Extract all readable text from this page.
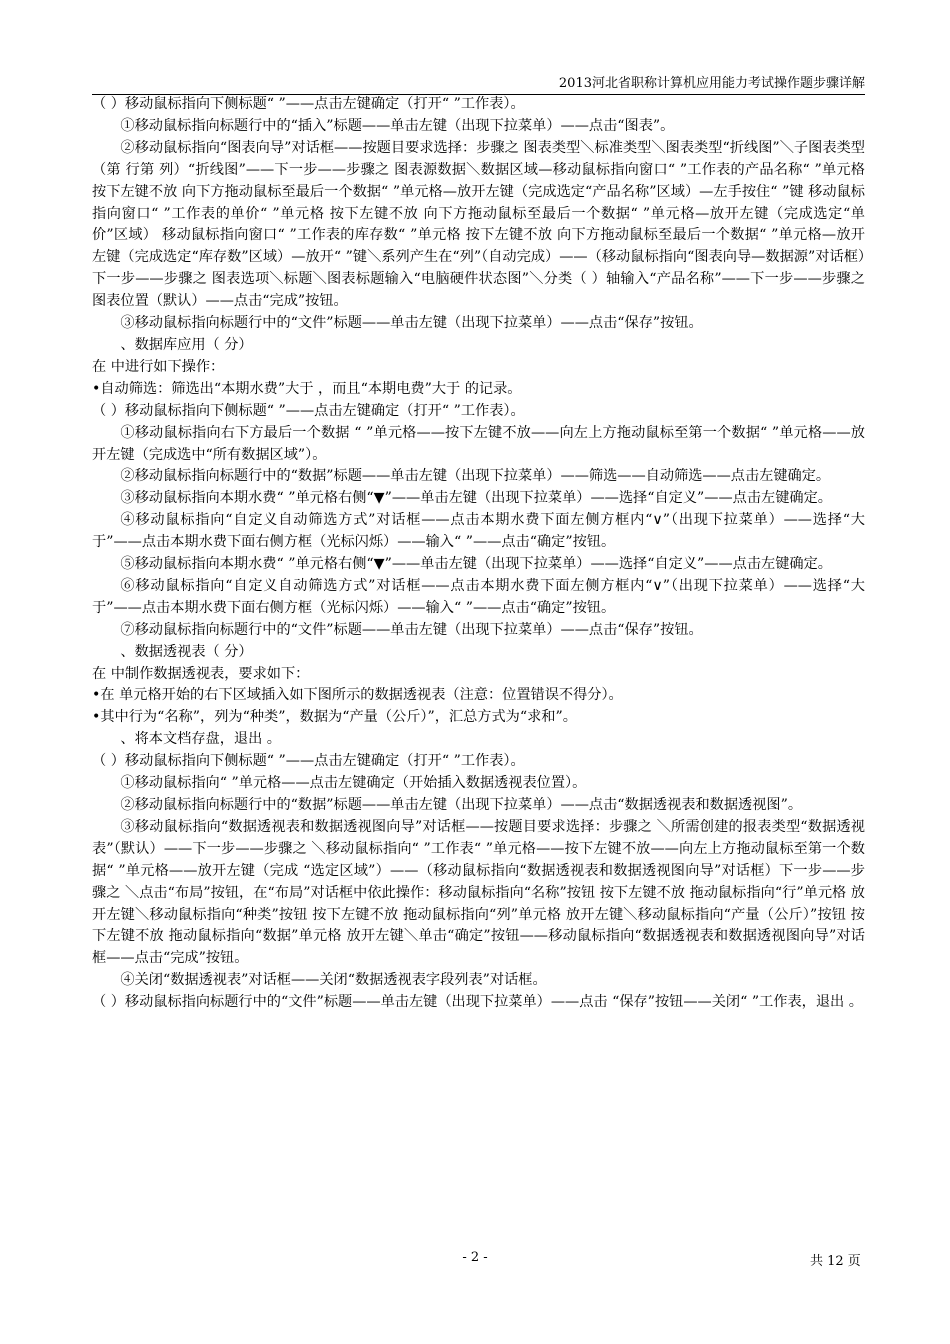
2013河北省职称计算机应用能力考试操作题步骤详解

（ ）移动鼠标指向下侧标题“ ”——点击左键确定（打开“ ”工作表）。

①移动鼠标指向标题行中的“插入”标题——单击左键（出现下拉菜单）——点击“图表”。

②移动鼠标指向“图表向导”对话框——按题目要求选择：步骤之 图表类型＼标准类型＼图表类型“折线图”＼子图表类型（第 行第 列）“折线图”——下一步——步骤之 图表源数据＼数据区域—移动鼠标指向窗口“ ”工作表的产品名称“ ”单元格 按下左键不放 向下方拖动鼠标至最后一个数据“ ”单元格—放开左键（完成选定“产品名称”区域）—左手按住“ ”键 移动鼠标指向窗口“ ”工作表的单价“ ”单元格 按下左键不放 向下方拖动鼠标至最后一个数据“ ”单元格—放开左键（完成选定“单价”区域） 移动鼠标指向窗口“ ”工作表的库存数“ ”单元格 按下左键不放 向下方拖动鼠标至最后一个数据“ ”单元格—放开左键（完成选定“库存数”区域）—放开“ ”键＼系列产生在“列”（自动完成）——（移动鼠标指向“图表向导—数据源”对话框）下一步——步骤之 图表选项＼标题＼图表标题输入“电脑硬件状态图”＼分类（ ）轴输入“产品名称”——下一步——步骤之 图表位置（默认）——点击“完成”按钮。

③移动鼠标指向标题行中的“文件”标题——单击左键（出现下拉菜单）——点击“保存”按钮。

、数据库应用（ 分）

在 中进行如下操作：

•自动筛选：筛选出“本期水费”大于 ，而且“本期电费”大于 的记录。

（ ）移动鼠标指向下侧标题“ ”——点击左键确定（打开“ ”工作表）。

①移动鼠标指向右下方最后一个数据 “ ”单元格——按下左键不放——向左上方拖动鼠标至第一个数据“ ”单元格——放开左键（完成选中“所有数据区域”）。

②移动鼠标指向标题行中的“数据”标题——单击左键（出现下拉菜单）——筛选——自动筛选——点击左键确定。

③移动鼠标指向本期水费“ ”单元格右侧“▼”——单击左键（出现下拉菜单）——选择“自定义”——点击左键确定。

④移动鼠标指向“自定义自动筛选方式”对话框——点击本期水费下面左侧方框内“∨”（出现下拉菜单）——选择“大于”——点击本期水费下面右侧方框（光标闪烁）——输入“ ”——点击“确定”按钮。

⑤移动鼠标指向本期水费“ ”单元格右侧“▼”——单击左键（出现下拉菜单）——选择“自定义”——点击左键确定。

⑥移动鼠标指向“自定义自动筛选方式”对话框——点击本期水费下面左侧方框内“∨”（出现下拉菜单）——选择“大于”——点击本期水费下面右侧方框（光标闪烁）——输入“ ”——点击“确定”按钮。

⑦移动鼠标指向标题行中的“文件”标题——单击左键（出现下拉菜单）——点击“保存”按钮。

、数据透视表（ 分）

在 中制作数据透视表，要求如下：

•在 单元格开始的右下区域插入如下图所示的数据透视表（注意：位置错误不得分）。

•其中行为“名称”，列为“种类”，数据为“产量（公斤）”，汇总方式为“求和”。

、将本文档存盘，退出 。

（ ）移动鼠标指向下侧标题“ ”——点击左键确定（打开“ ”工作表）。

①移动鼠标指向“ ”单元格——点击左键确定（开始插入数据透视表位置）。

②移动鼠标指向标题行中的“数据”标题——单击左键（出现下拉菜单）——点击“数据透视表和数据透视图”。

③移动鼠标指向“数据透视表和数据透视图向导”对话框——按题目要求选择：步骤之 ＼所需创建的报表类型“数据透视表”（默认）——下一步——步骤之 ＼移动鼠标指向“ ”工作表“ ”单元格——按下左键不放——向左上方拖动鼠标至第一个数据“ ”单元格——放开左键（完成 “选定区域”）——（移动鼠标指向“数据透视表和数据透视图向导”对话框）下一步——步骤之 ＼点击“布局”按钮，在“布局”对话框中依此操作：移动鼠标指向“名称”按钮 按下左键不放 拖动鼠标指向“行”单元格 放开左键＼移动鼠标指向“种类”按钮 按下左键不放 拖动鼠标指向“列”单元格 放开左键＼移动鼠标指向“产量（公斤）”按钮 按下左键不放 拖动鼠标指向“数据”单元格 放开左键＼单击“确定”按钮——移动鼠标指向“数据透视表和数据透视图向导”对话框——点击“完成”按钮。

④关闭“数据透视表”对话框——关闭“数据透视表字段列表”对话框。

（ ）移动鼠标指向标题行中的“文件”标题——单击左键（出现下拉菜单）——点击 “保存”按钮——关闭“ ”工作表，退出 。

- 2 -	共 12 页
